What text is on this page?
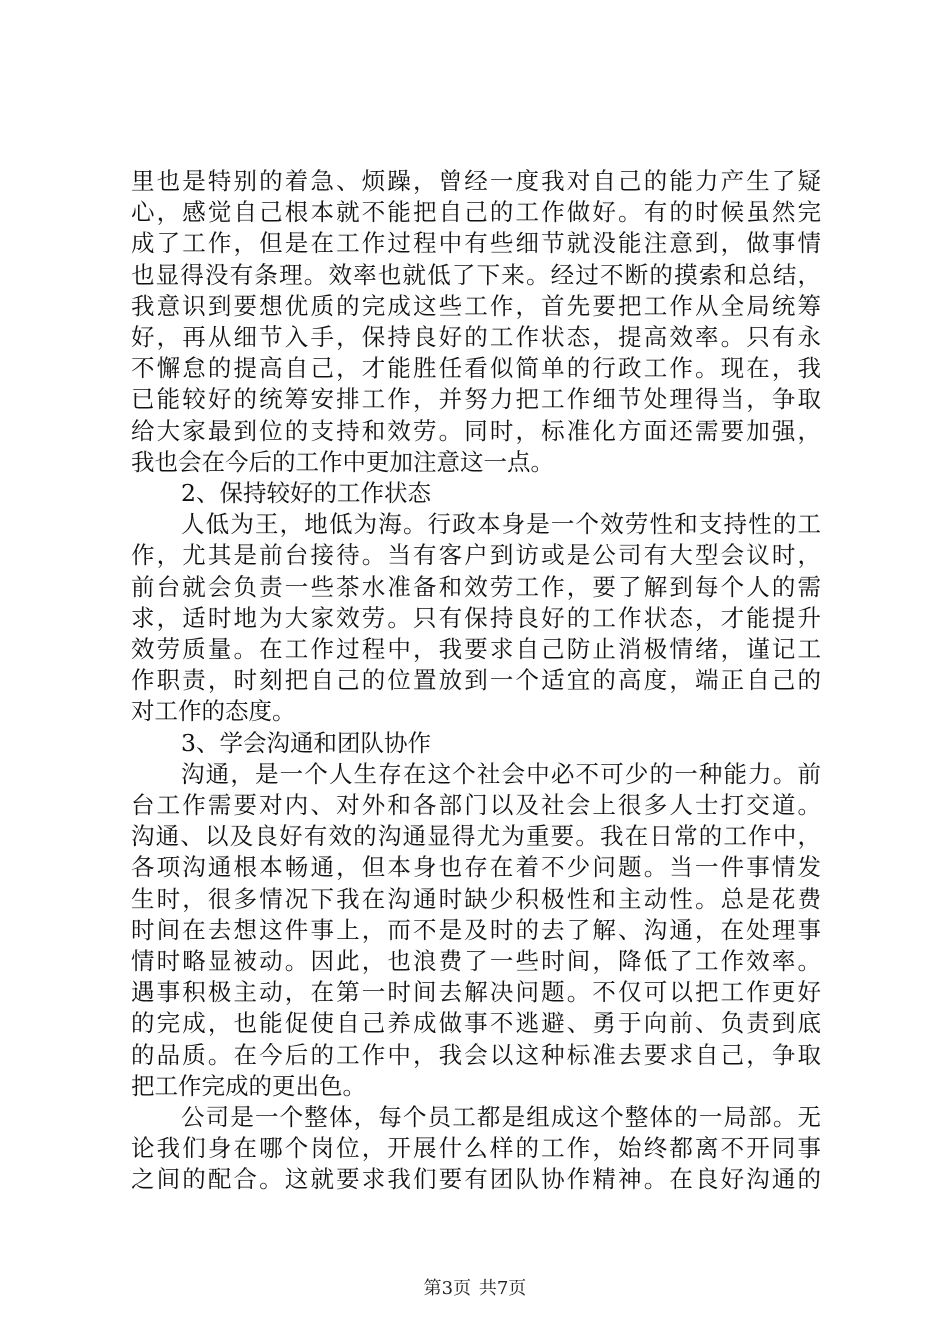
里也是特别的着急、烦躁，曾经一度我对自己的能力产生了疑
心，感觉自己根本就不能把自己的工作做好。有的时候虽然完
成了工作，但是在工作过程中有些细节就没能注意到，做事情
也显得没有条理。效率也就低了下来。经过不断的摸索和总结，
我意识到要想优质的完成这些工作，首先要把工作从全局统筹
好，再从细节入手，保持良好的工作状态，提高效率。只有永
不懈怠的提高自己，才能胜任看似简单的行政工作。现在，我
已能较好的统筹安排工作，并努力把工作细节处理得当，争取
给大家最到位的支持和效劳。同时，标准化方面还需要加强，
我也会在今后的工作中更加注意这一点。
2、保持较好的工作状态
人低为王，地低为海。行政本身是一个效劳性和支持性的工
作，尤其是前台接待。当有客户到访或是公司有大型会议时，
前台就会负责一些茶水准备和效劳工作，要了解到每个人的需
求，适时地为大家效劳。只有保持良好的工作状态，才能提升
效劳质量。在工作过程中，我要求自己防止消极情绪，谨记工
作职责，时刻把自己的位置放到一个适宜的高度，端正自己的
对工作的态度。
3、学会沟通和团队协作
沟通，是一个人生存在这个社会中必不可少的一种能力。前
台工作需要对内、对外和各部门以及社会上很多人士打交道。
沟通、以及良好有效的沟通显得尤为重要。我在日常的工作中，
各项沟通根本畅通，但本身也存在着不少问题。当一件事情发
生时，很多情况下我在沟通时缺少积极性和主动性。总是花费
时间在去想这件事上，而不是及时的去了解、沟通，在处理事
情时略显被动。因此，也浪费了一些时间，降低了工作效率。
遇事积极主动，在第一时间去解决问题。不仅可以把工作更好
的完成，也能促使自己养成做事不逃避、勇于向前、负责到底
的品质。在今后的工作中，我会以这种标准去要求自己，争取
把工作完成的更出色。
公司是一个整体，每个员工都是组成这个整体的一局部。无
论我们身在哪个岗位，开展什么样的工作，始终都离不开同事
之间的配合。这就要求我们要有团队协作精神。在良好沟通的
第3页 共7页
